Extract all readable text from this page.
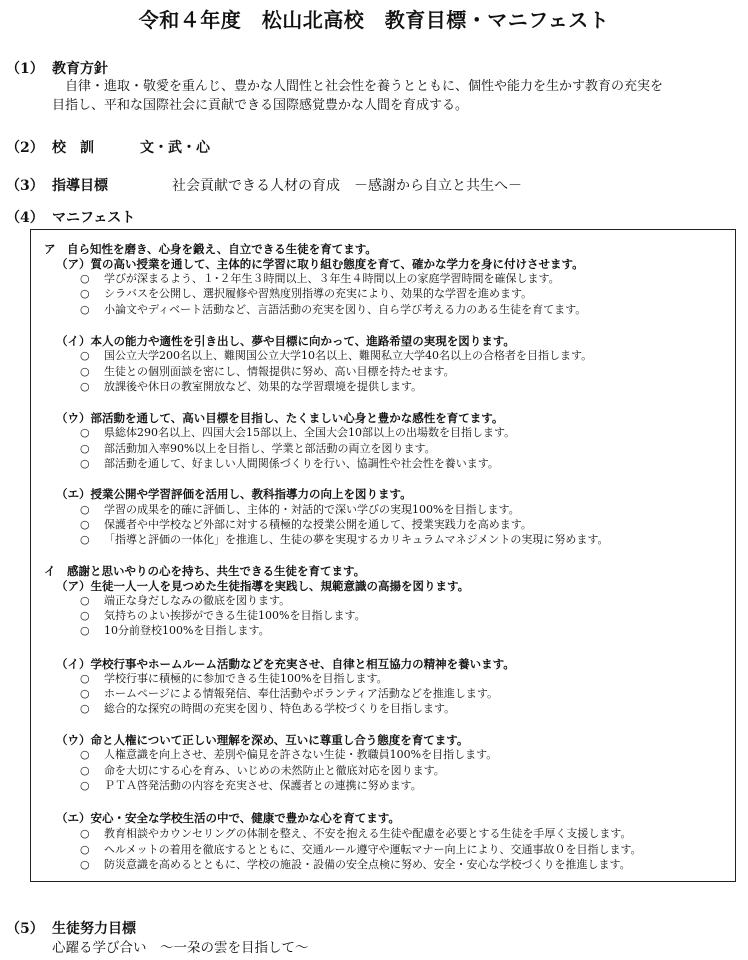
令和４年度　松山北高校　教育目標・マニフェスト
（1） 教育方針
自律・進取・敬愛を重んじ、豊かな人間性と社会性を養うとともに、個性や能力を生かす教育の充実を
目指し、平和な国際社会に貢献できる国際感覚豊かな人間を育成する。
（2） 校　訓	文・武・心
（3） 指導目標	社会貢献できる人材の育成　－感謝から自立と共生へ－
（4） マニフェスト
ア　自ら知性を磨き、心身を鍛え、自立できる生徒を育てます。
（ア）質の高い授業を通して、主体的に学習に取り組む態度を育て、確かな学力を身に付けさせます。
○ 学びが深まるよう、１･２年生３時間以上、３年生４時間以上の家庭学習時間を確保します。
○ シラバスを公開し、選択履修や習熟度別指導の充実により、効果的な学習を進めます。
○ 小論文やディベート活動など、言語活動の充実を図り、自ら学び考える力のある生徒を育てます。
（イ）本人の能力や適性を引き出し、夢や目標に向かって、進路希望の実現を図ります。
○ 国公立大学200名以上、難関国公立大学10名以上、難関私立大学40名以上の合格者を目指します。
○ 生徒との個別面談を密にし、情報提供に努め、高い目標を持たせます。
○ 放課後や休日の教室開放など、効果的な学習環境を提供します。
（ウ）部活動を通して、高い目標を目指し、たくましい心身と豊かな感性を育てます。
○ 県総体290名以上、四国大会15部以上、全国大会10部以上の出場数を目指します。
○ 部活動加入率90%以上を目指し、学業と部活動の両立を図ります。
○ 部活動を通して、好ましい人間関係づくりを行い、協調性や社会性を養います。
（エ）授業公開や学習評価を活用し、教科指導力の向上を図ります。
○ 学習の成果を的確に評価し、主体的・対話的で深い学びの実現100%を目指します。
○ 保護者や中学校など外部に対する積極的な授業公開を通して、授業実践力を高めます。
○ 「指導と評価の一体化」を推進し、生徒の夢を実現するカリキュラムマネジメントの実現に努めます。
イ　感謝と思いやりの心を持ち、共生できる生徒を育てます。
（ア）生徒一人一人を見つめた生徒指導を実践し、規範意識の高揚を図ります。
○ 端正な身だしなみの徹底を図ります。
○ 気持ちのよい挨拶ができる生徒100%を目指します。
○ 10分前登校100%を目指します。
（イ）学校行事やホームルーム活動などを充実させ、自律と相互協力の精神を養います。
○ 学校行事に積極的に参加できる生徒100%を目指します。
○ ホームページによる情報発信、奉仕活動やボランティア活動などを推進します。
○ 総合的な探究の時間の充実を図り、特色ある学校づくりを目指します。
（ウ）命と人権について正しい理解を深め、互いに尊重し合う態度を育てます。
○ 人権意識を向上させ、差別や偏見を許さない生徒・教職員100%を目指します。
○ 命を大切にする心を育み、いじめの未然防止と徹底対応を図ります。
○ ＰＴＡ啓発活動の内容を充実させ、保護者との連携に努めます。
（エ）安心・安全な学校生活の中で、健康で豊かな心を育てます。
○ 教育相談やカウンセリングの体制を整え、不安を抱える生徒や配慮を必要とする生徒を手厚く支援します。
○ ヘルメットの着用を徹底するとともに、交通ルール遵守や運転マナー向上により、交通事故０を目指します。
○ 防災意識を高めるとともに、学校の施設・設備の安全点検に努め、安全・安心な学校づくりを推進します。
（5） 生徒努力目標
心躍る学び合い　～一朶の雲を目指して～
